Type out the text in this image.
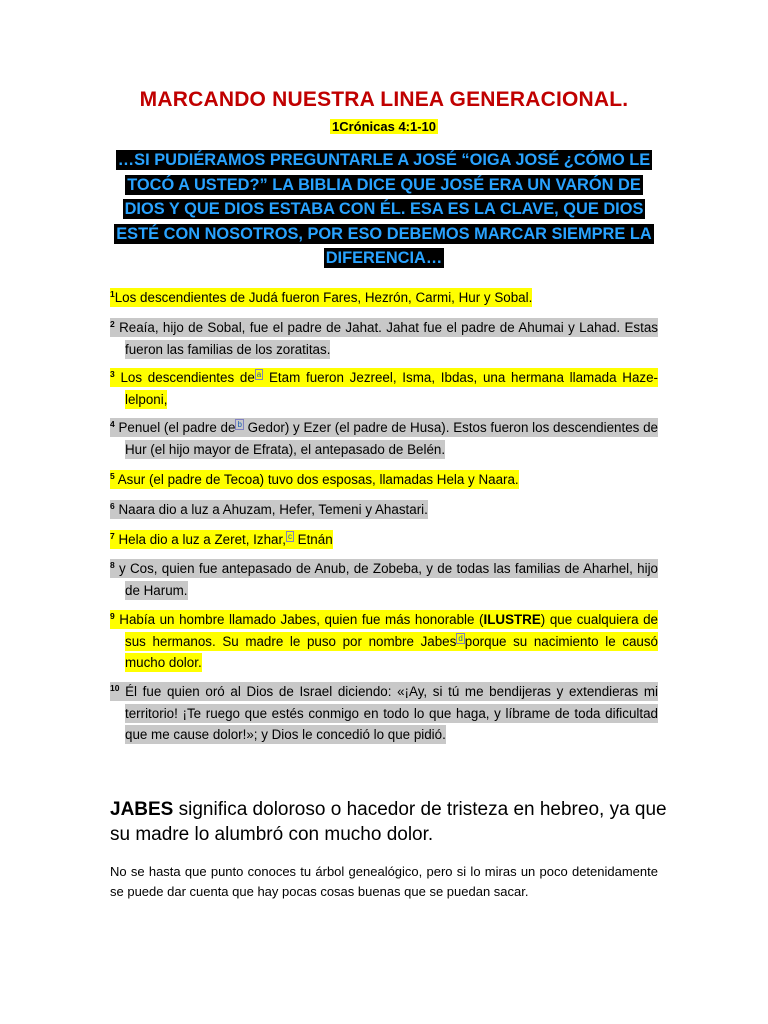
MARCANDO NUESTRA LINEA GENERACIONAL.
1Crónicas 4:1-10
…SI PUDIÉRAMOS PREGUNTARLE A JOSÉ “OIGA JOSÉ ¿CÓMO LE TOCÓ A USTED?” LA BIBLIA DICE QUE JOSÉ ERA UN VARÓN DE DIOS Y QUE DIOS ESTABA CON ÉL. ESA ES LA CLAVE, QUE DIOS ESTÉ CON NOSOTROS, POR ESO DEBEMOS MARCAR SIEMPRE LA DIFERENCIA…
$^1$Los descendientes de Judá fueron Fares, Hezrón, Carmi, Hur y Sobal.
$^2$ Reaía, hijo de Sobal, fue el padre de Jahat. Jahat fue el padre de Ahumai y Lahad. Estas fueron las familias de los zoratitas.
$^3$ Los descendientes de $^a$ Etam fueron Jezreel, Isma, Ibdas, una hermana llamada Haze-lelponi,
$^4$ Penuel (el padre de $^b$ Gedor) y Ezer (el padre de Husa). Estos fueron los descendientes de Hur (el hijo mayor de Efrata), el antepasado de Belén.
$^5$ Asur (el padre de Tecoa) tuvo dos esposas, llamadas Hela y Naara.
$^6$ Naara dio a luz a Ahuzam, Hefer, Temeni y Ahastari.
$^7$ Hela dio a luz a Zeret, Izhar, $^c$ Etnán
$^8$ y Cos, quien fue antepasado de Anub, de Zobeba, y de todas las familias de Aharhel, hijo de Harum.
$^9$ Había un hombre llamado Jabes, quien fue más honorable (ILUSTRE) que cualquiera de sus hermanos. Su madre le puso por nombre Jabes $^d$ porque su nacimiento le causó mucho dolor.
$^{10}$ Él fue quien oró al Dios de Israel diciendo: «¡Ay, si tú me bendijeras y extendieras mi territorio! ¡Te ruego que estés conmigo en todo lo que haga, y líbrame de toda dificultad que me cause dolor!»; y Dios le concedió lo que pidió.
JABES significa doloroso o hacedor de tristeza en hebreo, ya que su madre lo alumbró con mucho dolor.
No se hasta que punto conoces tu árbol genealógico, pero si lo miras un poco detenidamente se puede dar cuenta que hay pocas cosas buenas que se puedan sacar.
